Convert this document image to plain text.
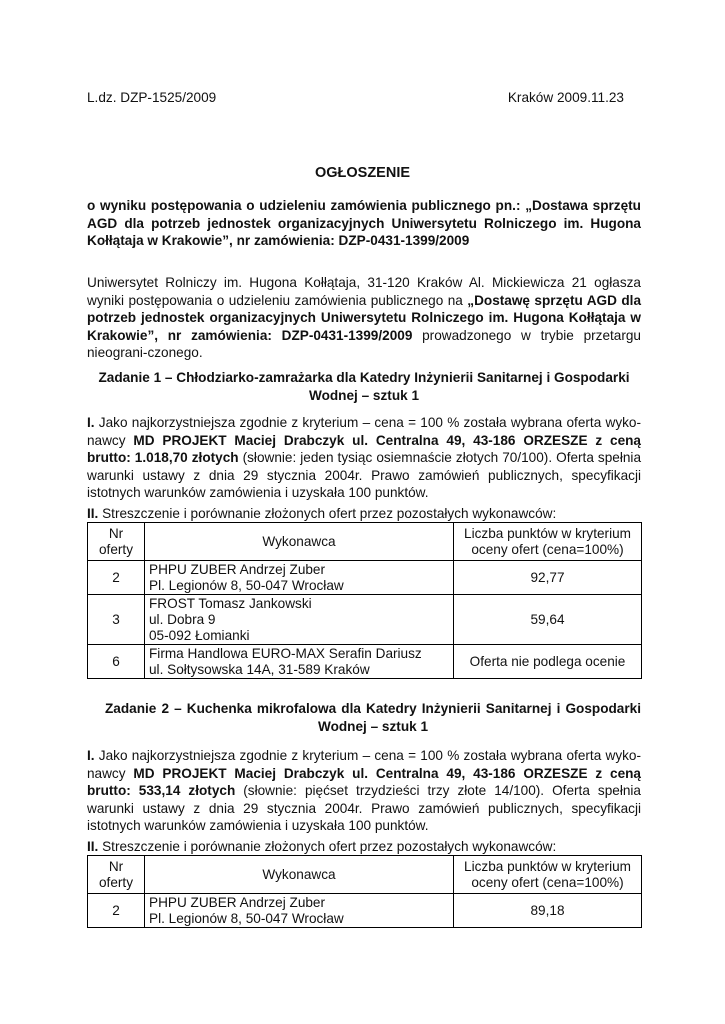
L.dz. DZP-1525/2009	Kraków 2009.11.23
OGŁOSZENIE
o wyniku postępowania o udzieleniu zamówienia publicznego pn.: „Dostawa sprzętu AGD dla potrzeb jednostek organizacyjnych Uniwersytetu Rolniczego im. Hugona Kołłątaja w Krakowie”, nr zamówienia: DZP-0431-1399/2009
Uniwersytet Rolniczy im. Hugona Kołłątaja, 31-120 Kraków Al. Mickiewicza 21 ogłasza wyniki postępowania o udzieleniu zamówienia publicznego na „Dostawę sprzętu AGD dla potrzeb jednostek organizacyjnych Uniwersytetu Rolniczego im. Hugona Kołłątaja w Krakowie”, nr zamówienia: DZP-0431-1399/2009 prowadzonego w trybie przetargu nieograni-czonego.
Zadanie 1 – Chłodziarko-zamrażarka dla Katedry Inżynierii Sanitarnej i Gospodarki Wodnej – sztuk 1
I. Jako najkorzystniejsza zgodnie z kryterium – cena = 100 % została wybrana oferta wyko-nawcy MD PROJEKT Maciej Drabczyk ul. Centralna 49, 43-186 ORZESZE z ceną brutto: 1.018,70 złotych (słownie: jeden tysiąc osiemnaście złotych 70/100). Oferta spełnia warunki ustawy z dnia 29 stycznia 2004r. Prawo zamówień publicznych, specyfikacji istotnych warunków zamówienia i uzyskała 100 punktów.
II. Streszczenie i porównanie złożonych ofert przez pozostałych wykonawców:
Nr oferty	Wykonawca	Liczba punktów w kryterium oceny ofert (cena=100%)
2	PHPU ZUBER Andrzej Zuber
Pl. Legionów 8, 50-047 Wrocław	92,77
3	FROST Tomasz Jankowski
ul. Dobra 9
05-092 Łomianki	59,64
6	Firma Handlowa EURO-MAX Serafin Dariusz
ul. Sołtysowska 14A, 31-589 Kraków	Oferta nie podlega ocenie
Zadanie 2 – Kuchenka mikrofalowa dla Katedry Inżynierii Sanitarnej i Gospodarki Wodnej – sztuk 1
I. Jako najkorzystniejsza zgodnie z kryterium – cena = 100 % została wybrana oferta wyko-nawcy MD PROJEKT Maciej Drabczyk ul. Centralna 49, 43-186 ORZESZE z ceną brutto: 533,14 złotych (słownie: pięćset trzydzieści trzy złote 14/100). Oferta spełnia warunki ustawy z dnia 29 stycznia 2004r. Prawo zamówień publicznych, specyfikacji istotnych warunków zamówienia i uzyskała 100 punktów.
II. Streszczenie i porównanie złożonych ofert przez pozostałych wykonawców:
Nr oferty	Wykonawca	Liczba punktów w kryterium oceny ofert (cena=100%)
2	PHPU ZUBER Andrzej Zuber
Pl. Legionów 8, 50-047 Wrocław	89,18
